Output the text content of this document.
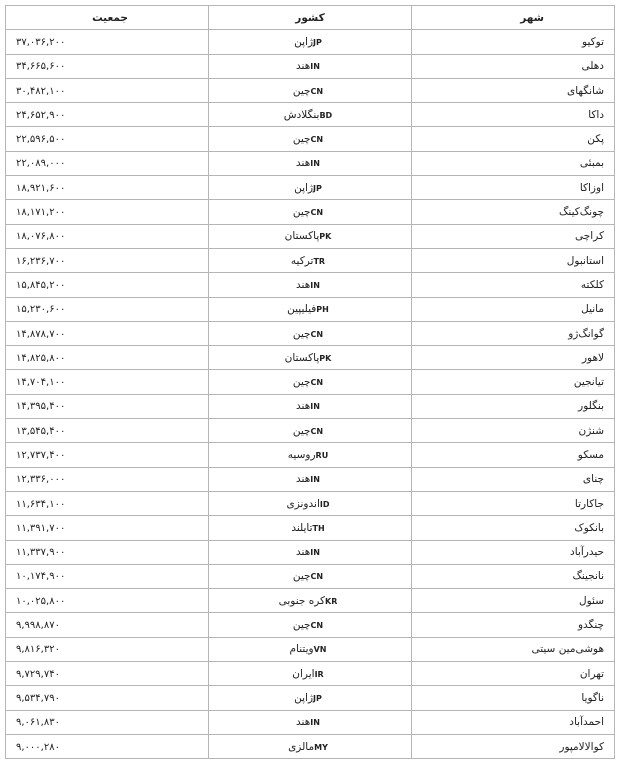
جمعیت	کشور	شهر
۳۷,۰۳۶,۲۰۰	ژاپنJP	توکیو
۳۴,۶۶۵,۶۰۰	هندIN	دهلی
۳۰,۴۸۲,۱۰۰	چینCN	شانگهای
۲۴,۶۵۲,۹۰۰	بنگلادشBD	داکا
۲۲,۵۹۶,۵۰۰	چینCN	پکن
۲۲,۰۸۹,۰۰۰	هندIN	بمبئی
۱۸,۹۲۱,۶۰۰	ژاپنJP	اوزاکا
۱۸,۱۷۱,۲۰۰	چینCN	چونگ‌کینگ
۱۸,۰۷۶,۸۰۰	پاکستانPK	کراچی
۱۶,۲۳۶,۷۰۰	ترکیهTR	استانبول
۱۵,۸۴۵,۲۰۰	هندIN	کلکته
۱۵,۲۳۰,۶۰۰	فیلیپینPH	مانیل
۱۴,۸۷۸,۷۰۰	چینCN	گوانگ‌ژو
۱۴,۸۲۵,۸۰۰	پاکستانPK	لاهور
۱۴,۷۰۴,۱۰۰	چینCN	تیانجین
۱۴,۳۹۵,۴۰۰	هندIN	بنگلور
۱۳,۵۴۵,۴۰۰	چینCN	شنژن
۱۲,۷۳۷,۴۰۰	روسیهRU	مسکو
۱۲,۳۳۶,۰۰۰	هندIN	چنای
۱۱,۶۳۴,۱۰۰	اندونزیID	جاکارتا
۱۱,۳۹۱,۷۰۰	تایلندTH	بانکوک
۱۱,۳۳۷,۹۰۰	هندIN	حیدرآباد
۱۰,۱۷۴,۹۰۰	چینCN	نانجینگ
۱۰,۰۲۵,۸۰۰	کره جنوبیKR	سئول
۹,۹۹۸,۸۷۰	چینCN	چنگدو
۹,۸۱۶,۳۲۰	ویتنامVN	هوشی‌مین سیتی
۹,۷۲۹,۷۴۰	ایرانIR	تهران
۹,۵۳۴,۷۹۰	ژاپنJP	ناگویا
۹,۰۶۱,۸۳۰	هندIN	احمدآباد
۹,۰۰۰,۲۸۰	مالزیMY	کوالالامپور
